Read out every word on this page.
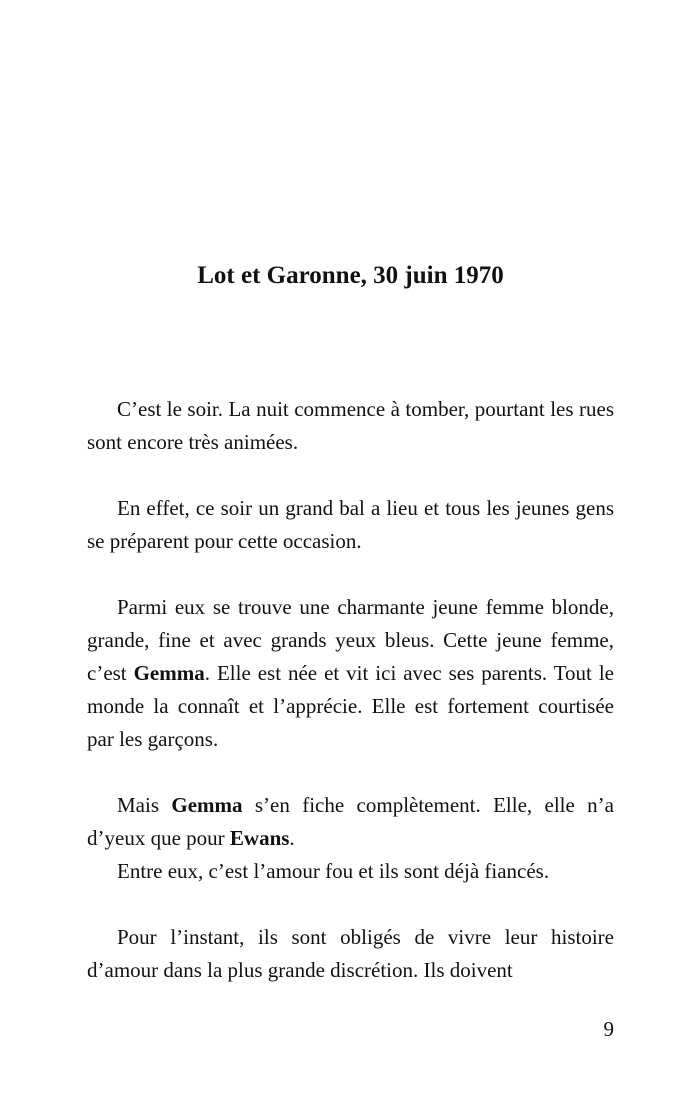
Lot et Garonne, 30 juin 1970

C’est le soir. La nuit commence à tomber, pourtant les rues sont encore très animées.

En effet, ce soir un grand bal a lieu et tous les jeunes gens se préparent pour cette occasion.

Parmi eux se trouve une charmante jeune femme blonde, grande, fine et avec grands yeux bleus. Cette jeune femme, c’est Gemma. Elle est née et vit ici avec ses parents. Tout le monde la connaît et l’apprécie. Elle est fortement courtisée par les garçons.

Mais Gemma s’en fiche complètement. Elle, elle n’a d’yeux que pour Ewans.

Entre eux, c’est l’amour fou et ils sont déjà fiancés.

Pour l’instant, ils sont obligés de vivre leur histoire d’amour dans la plus grande discrétion. Ils doivent

9
